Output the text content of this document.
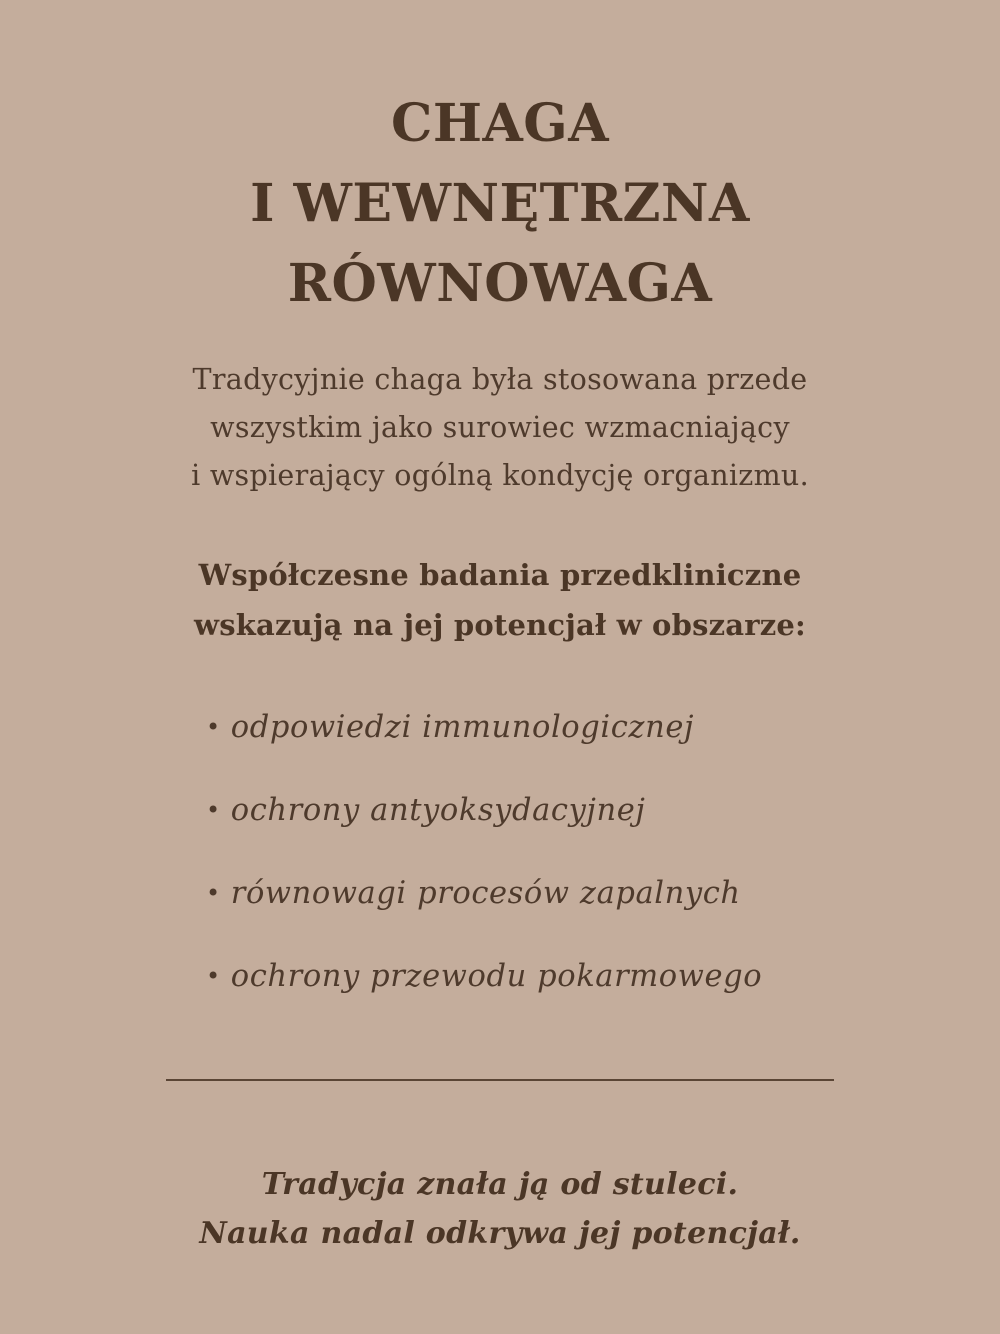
CHAGA
I WEWNĘTRZNA
RÓWNOWAGA

Tradycyjnie chaga była stosowana przede
wszystkim jako surowiec wzmacniający
i wspierający ogólną kondycję organizmu.

Współczesne badania przedkliniczne
wskazują na jej potencjał w obszarze:

• odpowiedzi immunologicznej
• ochrony antyoksydacyjnej
• równowagi procesów zapalnych
• ochrony przewodu pokarmowego

Tradycja znała ją od stuleci.
Nauka nadal odkrywa jej potencjał.
